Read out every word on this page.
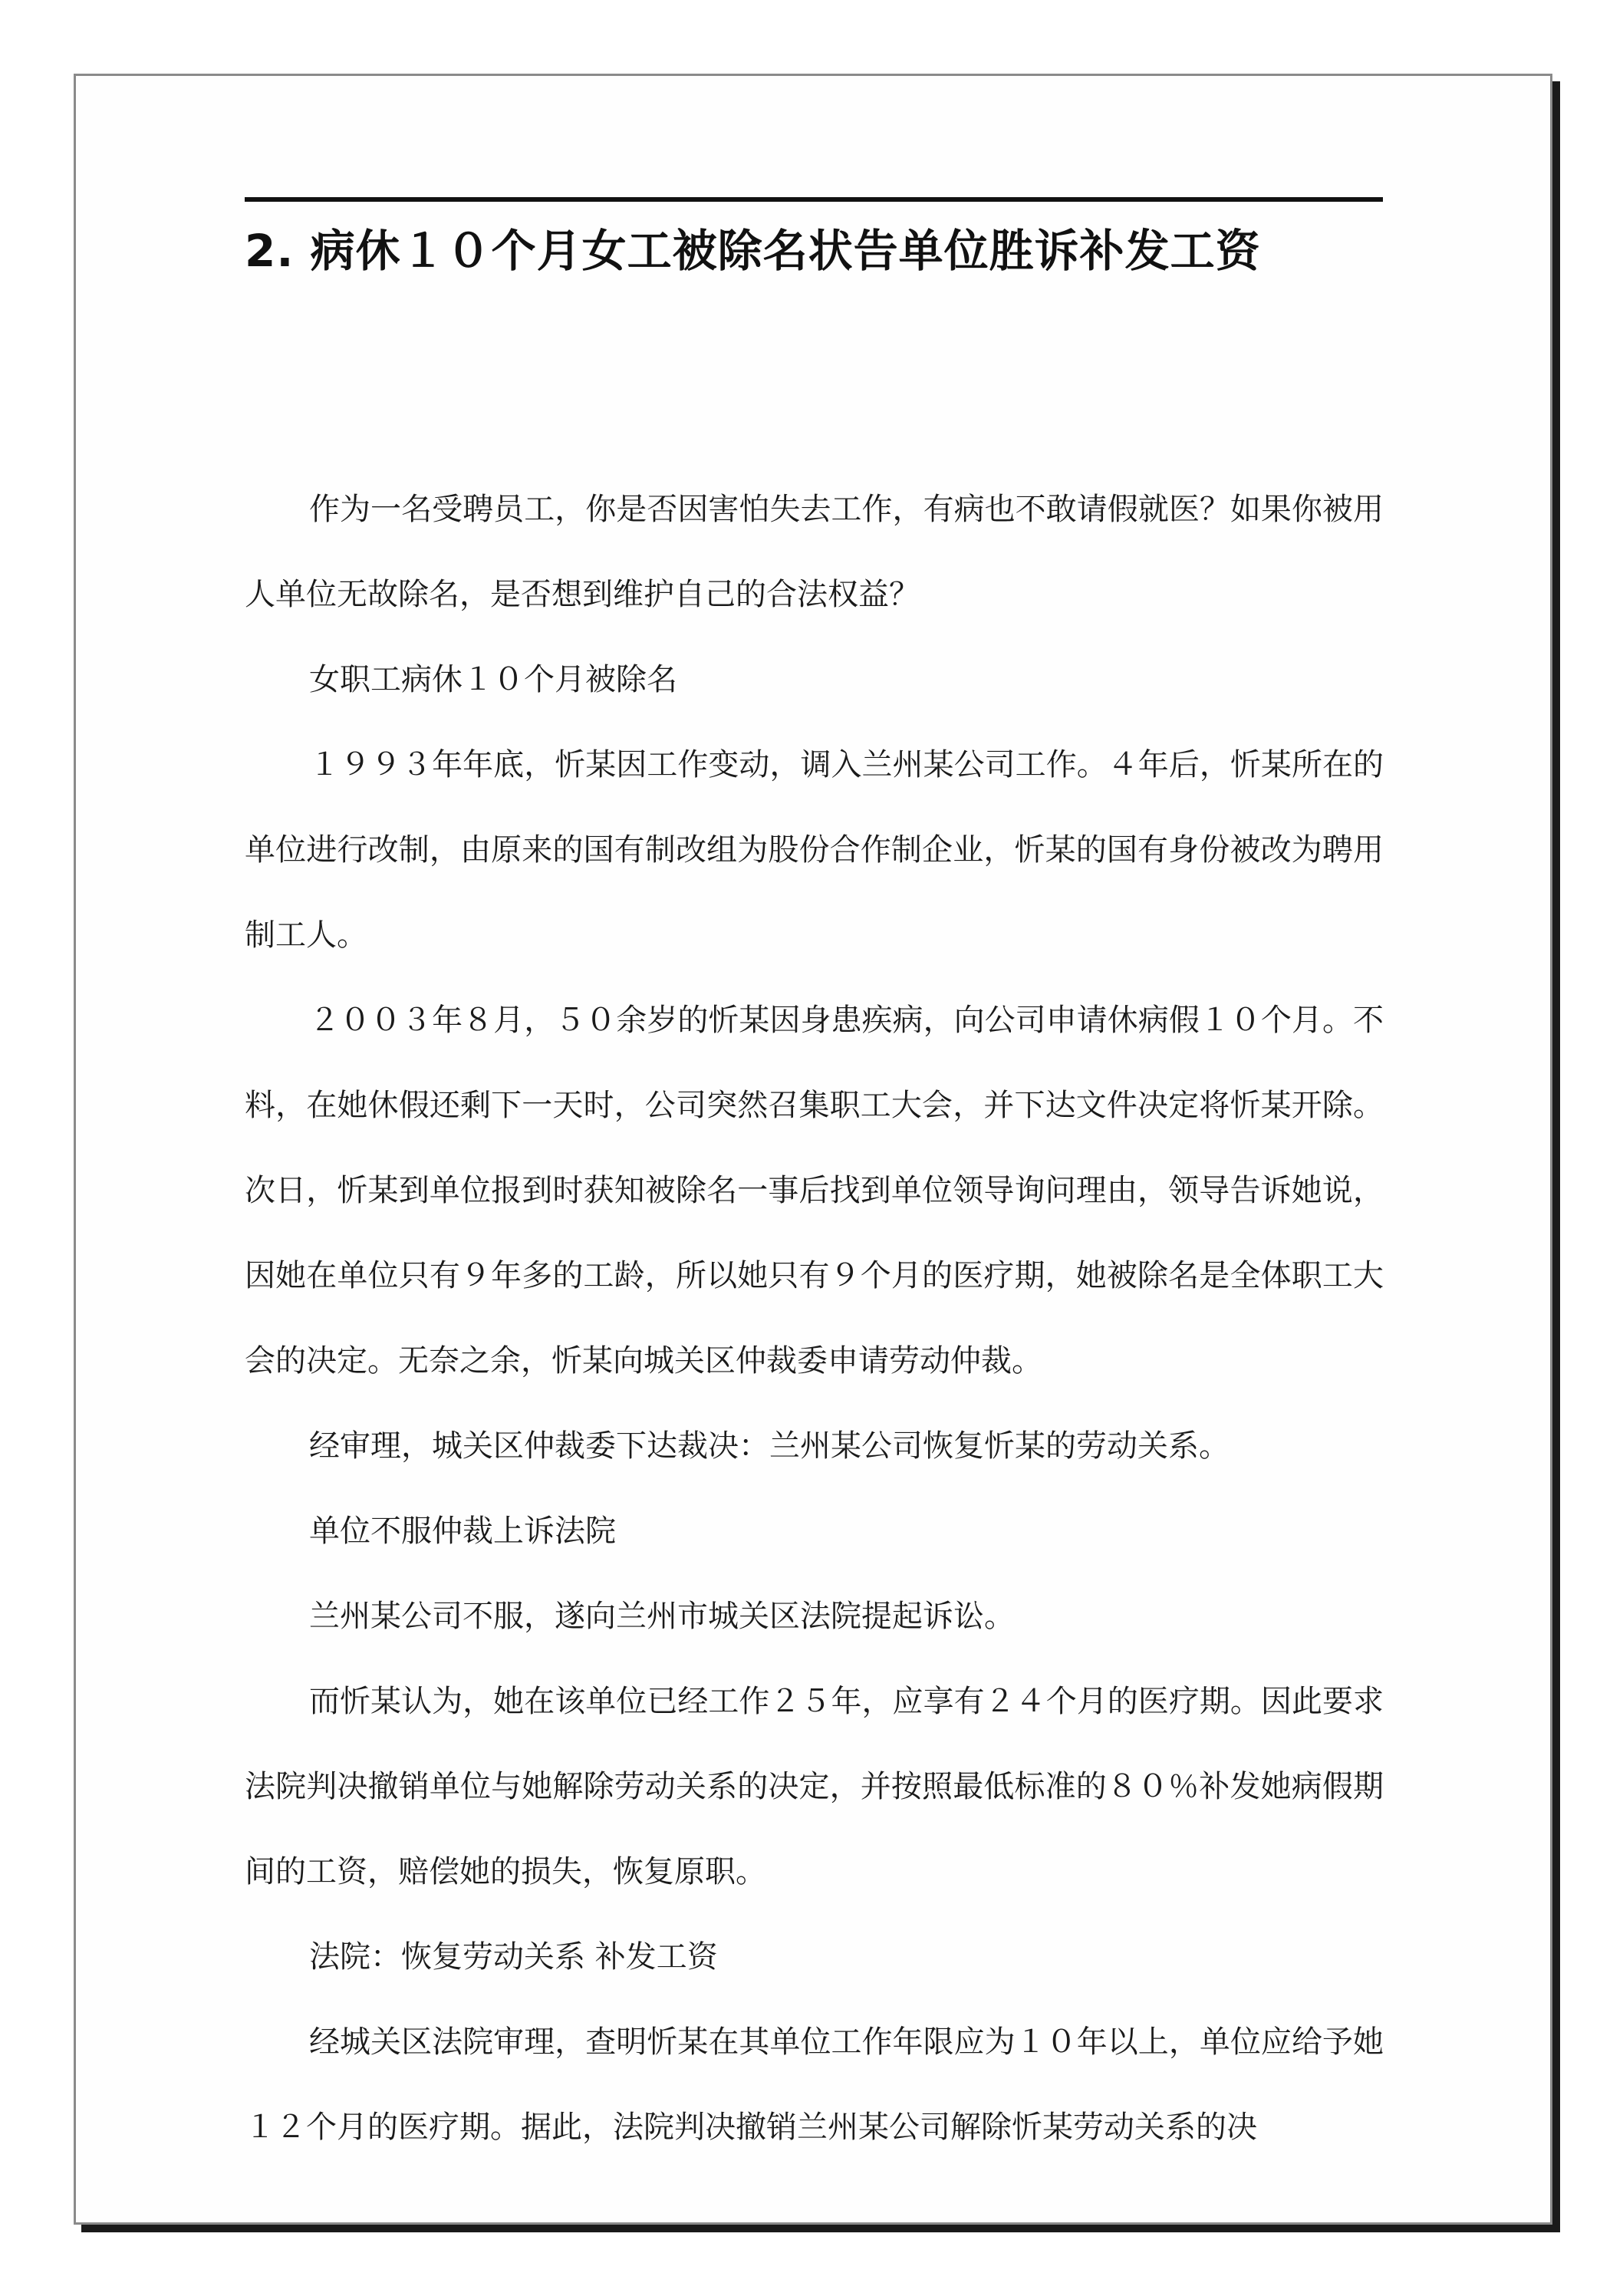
2. 病休１０个月女工被除名状告单位胜诉补发工资

作为一名受聘员工，你是否因害怕失去工作，有病也不敢请假就医？如果你被用人单位无故除名，是否想到维护自己的合法权益？

女职工病休１０个月被除名

１９９３年年底，忻某因工作变动，调入兰州某公司工作。４年后，忻某所在的单位进行改制，由原来的国有制改组为股份合作制企业，忻某的国有身份被改为聘用制工人。

２００３年８月，５０余岁的忻某因身患疾病，向公司申请休病假１０个月。不料，在她休假还剩下一天时，公司突然召集职工大会，并下达文件决定将忻某开除。次日，忻某到单位报到时获知被除名一事后找到单位领导询问理由，领导告诉她说，因她在单位只有９年多的工龄，所以她只有９个月的医疗期，她被除名是全体职工大会的决定。无奈之余，忻某向城关区仲裁委申请劳动仲裁。

经审理，城关区仲裁委下达裁决：兰州某公司恢复忻某的劳动关系。

单位不服仲裁上诉法院

兰州某公司不服，遂向兰州市城关区法院提起诉讼。

而忻某认为，她在该单位已经工作２５年，应享有２４个月的医疗期。因此要求法院判决撤销单位与她解除劳动关系的决定，并按照最低标准的８０％补发她病假期间的工资，赔偿她的损失，恢复原职。

法院：恢复劳动关系 补发工资

经城关区法院审理，查明忻某在其单位工作年限应为１０年以上，单位应给予她１２个月的医疗期。据此，法院判决撤销兰州某公司解除忻某劳动关系的决
